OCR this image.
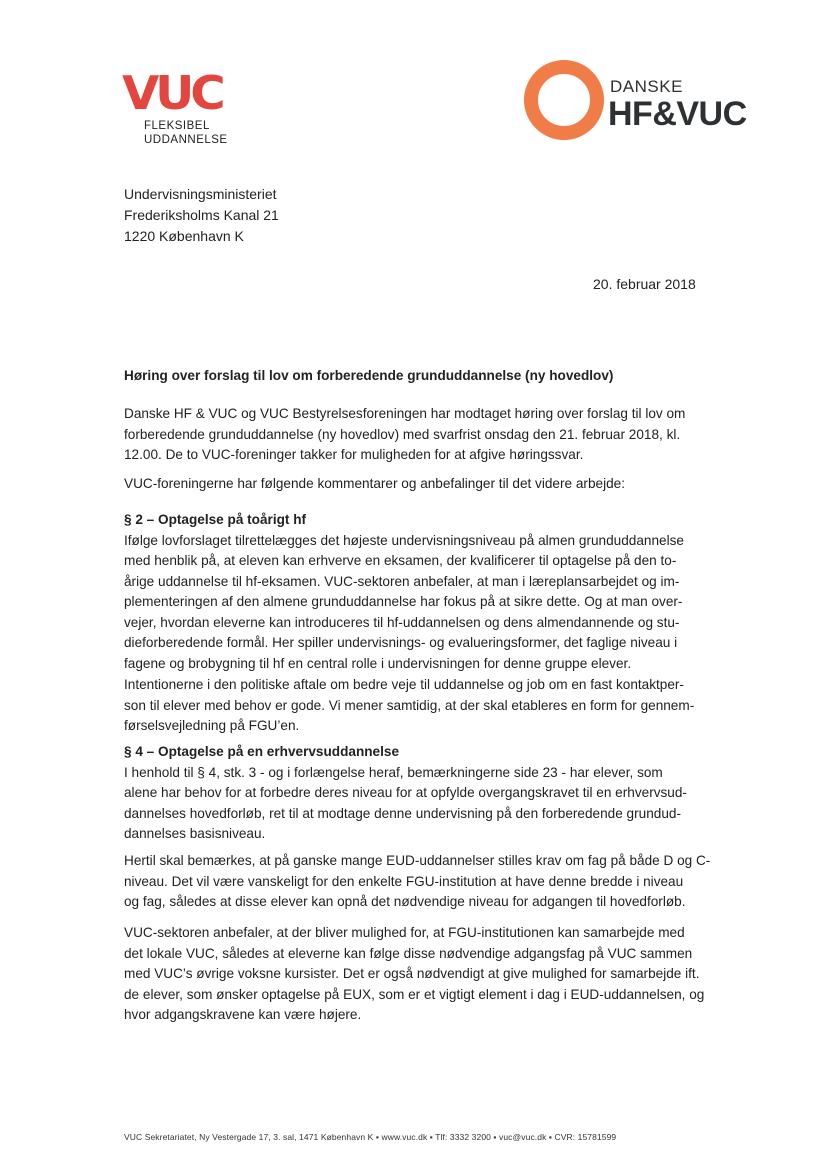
VUC
FLEKSIBEL
UDDANNELSE
DANSKE
HF&VUC
Undervisningsministeriet
Frederiksholms Kanal 21
1220 København K
20. februar 2018
Høring over forslag til lov om forberedende grunduddannelse (ny hovedlov)
Danske HF & VUC og VUC Bestyrelsesforeningen har modtaget høring over forslag til lov om
forberedende grunduddannelse (ny hovedlov) med svarfrist onsdag den 21. februar 2018, kl.
12.00. De to VUC-foreninger takker for muligheden for at afgive høringssvar.
VUC-foreningerne har følgende kommentarer og anbefalinger til det videre arbejde:
§ 2 – Optagelse på toårigt hf
Ifølge lovforslaget tilrettelægges det højeste undervisningsniveau på almen grunduddannelse
med henblik på, at eleven kan erhverve en eksamen, der kvalificerer til optagelse på den to-
årige uddannelse til hf-eksamen. VUC-sektoren anbefaler, at man i læreplansarbejdet og im-
plementeringen af den almene grunduddannelse har fokus på at sikre dette. Og at man over-
vejer, hvordan eleverne kan introduceres til hf-uddannelsen og dens almendannende og stu-
dieforberedende formål. Her spiller undervisnings- og evalueringsformer, det faglige niveau i
fagene og brobygning til hf en central rolle i undervisningen for denne gruppe elever.
Intentionerne i den politiske aftale om bedre veje til uddannelse og job om en fast kontaktper-
son til elever med behov er gode. Vi mener samtidig, at der skal etableres en form for gennem-
førselsvejledning på FGU’en.
§ 4 – Optagelse på en erhvervsuddannelse
I henhold til § 4, stk. 3 - og i forlængelse heraf, bemærkningerne side 23 - har elever, som
alene har behov for at forbedre deres niveau for at opfylde overgangskravet til en erhvervsud-
dannelses hovedforløb, ret til at modtage denne undervisning på den forberedende grundud-
dannelses basisniveau.
Hertil skal bemærkes, at på ganske mange EUD-uddannelser stilles krav om fag på både D og C-
niveau. Det vil være vanskeligt for den enkelte FGU-institution at have denne bredde i niveau
og fag, således at disse elever kan opnå det nødvendige niveau for adgangen til hovedforløb.
VUC-sektoren anbefaler, at der bliver mulighed for, at FGU-institutionen kan samarbejde med
det lokale VUC, således at eleverne kan følge disse nødvendige adgangsfag på VUC sammen
med VUC’s øvrige voksne kursister. Det er også nødvendigt at give mulighed for samarbejde ift.
de elever, som ønsker optagelse på EUX, som er et vigtigt element i dag i EUD-uddannelsen, og
hvor adgangskravene kan være højere.
VUC Sekretariatet, Ny Vestergade 17, 3. sal, 1471 København K ▪ www.vuc.dk ▪ Tlf: 3332 3200 ▪ vuc@vuc.dk ▪ CVR: 15781599
